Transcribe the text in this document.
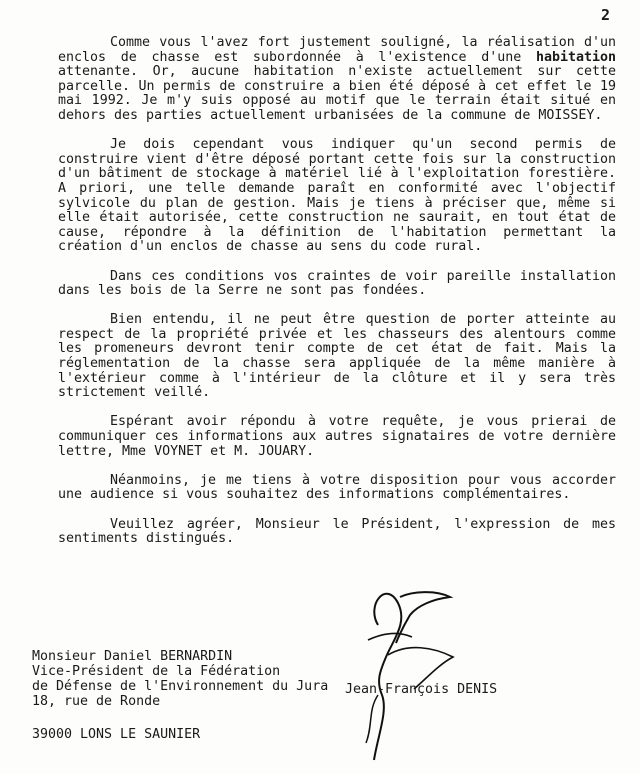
2

Comme vous l'avez fort justement souligné, la réalisation d'un enclos de chasse est subordonnée à l'existence d'une habitation attenante. Or, aucune habitation n'existe actuellement sur cette parcelle. Un permis de construire a bien été déposé à cet effet le 19 mai 1992. Je m'y suis opposé au motif que le terrain était situé en dehors des parties actuellement urbanisées de la commune de MOISSEY.

Je dois cependant vous indiquer qu'un second permis de construire vient d'être déposé portant cette fois sur la construction d'un bâtiment de stockage à matériel lié à l'exploitation forestière. A priori, une telle demande paraît en conformité avec l'objectif sylvicole du plan de gestion. Mais je tiens à préciser que, même si elle était autorisée, cette construction ne saurait, en tout état de cause, répondre à la définition de l'habitation permettant la création d'un enclos de chasse au sens du code rural.

Dans ces conditions vos craintes de voir pareille installation dans les bois de la Serre ne sont pas fondées.

Bien entendu, il ne peut être question de porter atteinte au respect de la propriété privée et les chasseurs des alentours comme les promeneurs devront tenir compte de cet état de fait. Mais la réglementation de la chasse sera appliquée de la même manière à l'extérieur comme à l'intérieur de la clôture et il y sera très strictement veillé.

Espérant avoir répondu à votre requête, je vous prierai de communiquer ces informations aux autres signataires de votre dernière lettre, Mme VOYNET et M. JOUARY.

Néanmoins, je me tiens à votre disposition pour vous accorder une audience si vous souhaitez des informations complémentaires.

Veuillez agréer, Monsieur le Président, l'expression de mes sentiments distingués.

Monsieur Daniel BERNARDIN
Vice-Président de la Fédération
de Défense de l'Environnement du Jura
18, rue de Ronde
39000 LONS LE SAUNIER
Jean-François DENIS
